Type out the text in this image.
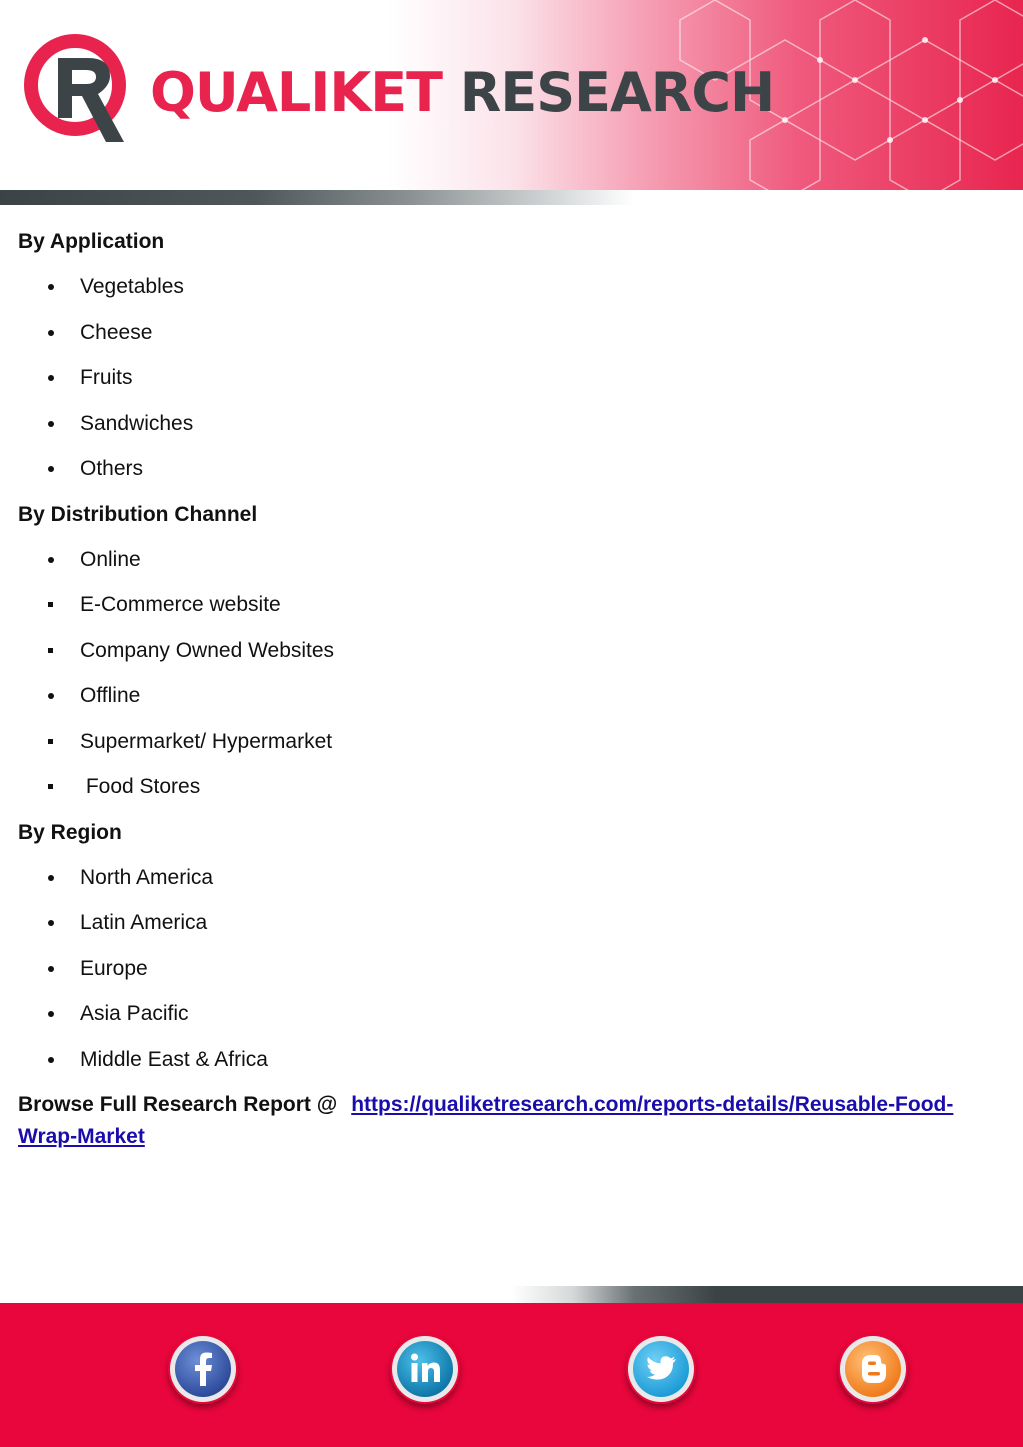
QUALIKET RESEARCH
By Application
Vegetables
Cheese
Fruits
Sandwiches
Others
By Distribution Channel
Online
E-Commerce website
Company Owned Websites
Offline
Supermarket/ Hypermarket
Food Stores
By Region
North America
Latin America
Europe
Asia Pacific
Middle East & Africa
Browse Full Research Report @ https://qualiketresearch.com/reports-details/Reusable-Food-Wrap-Market
